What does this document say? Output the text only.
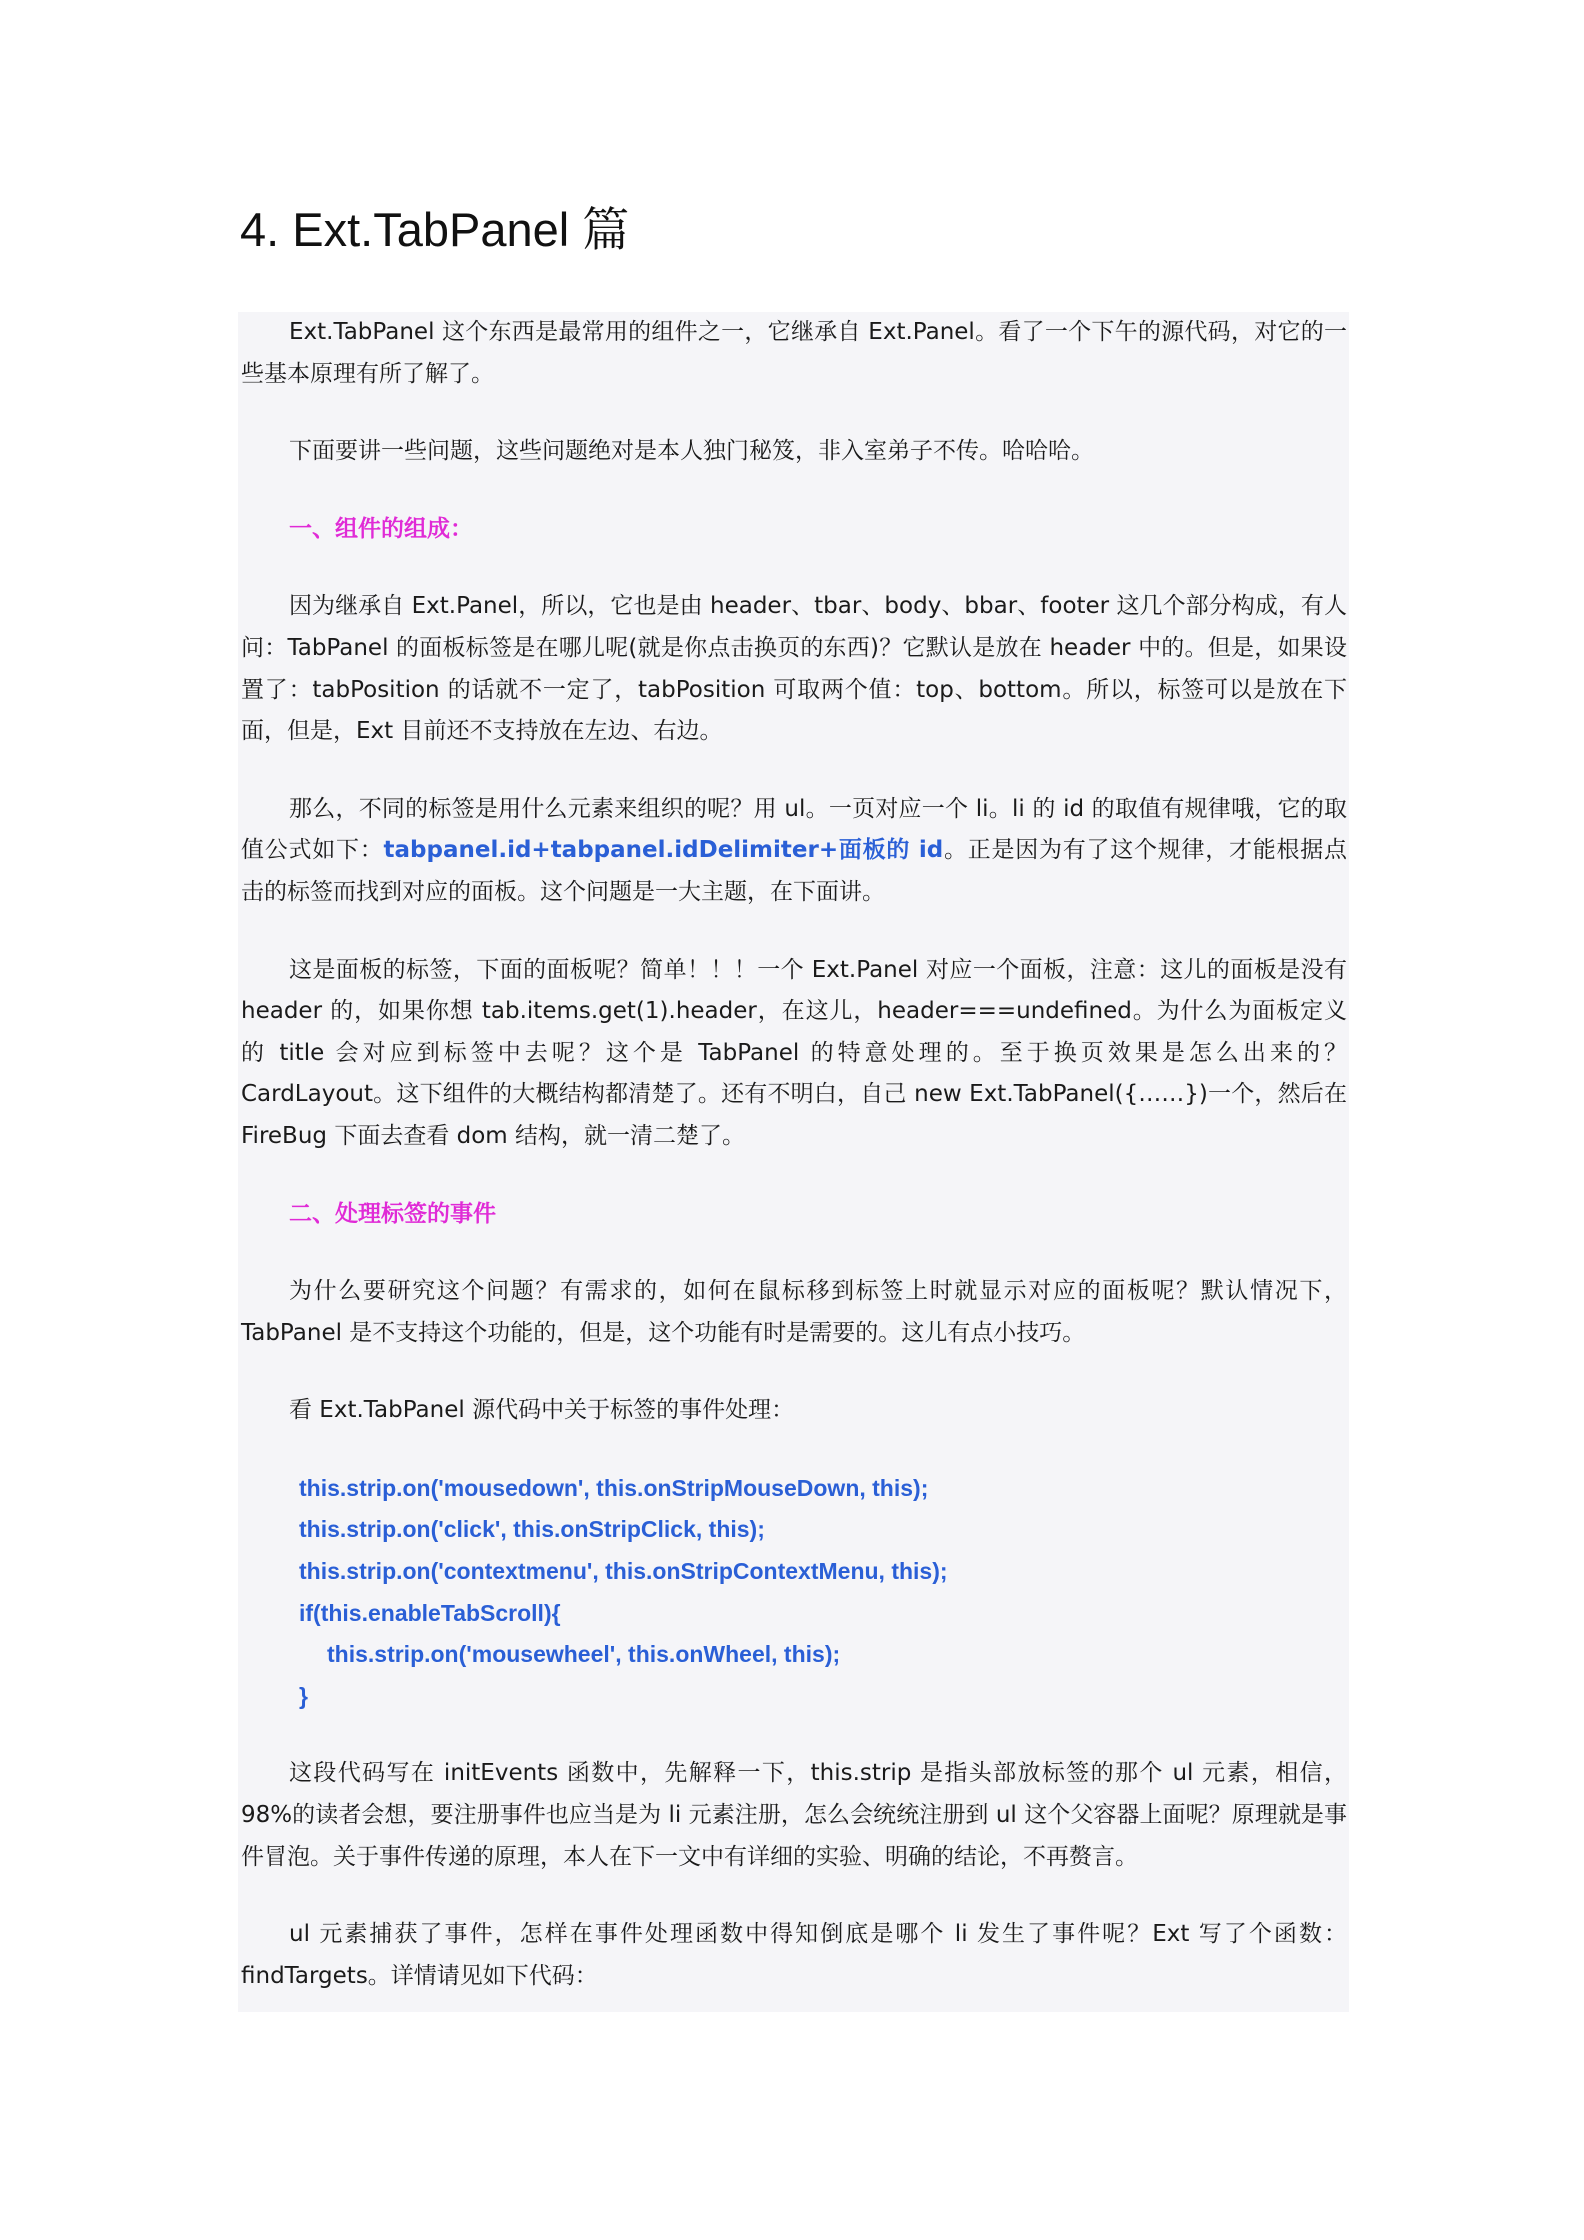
4. Ext.TabPanel 篇

Ext.TabPanel 这个东西是最常用的组件之一，它继承自 Ext.Panel。看了一个下午的源代码，对它的一些基本原理有所了解了。

下面要讲一些问题，这些问题绝对是本人独门秘笈，非入室弟子不传。哈哈哈。

一、组件的组成：

因为继承自 Ext.Panel，所以，它也是由 header、tbar、body、bbar、footer 这几个部分构成，有人问：TabPanel 的面板标签是在哪儿呢(就是你点击换页的东西)？它默认是放在 header 中的。但是，如果设置了：tabPosition 的话就不一定了，tabPosition 可取两个值：top、bottom。所以，标签可以是放在下面，但是，Ext 目前还不支持放在左边、右边。

那么，不同的标签是用什么元素来组织的呢？用 ul。一页对应一个 li。li 的 id 的取值有规律哦，它的取值公式如下：tabpanel.id+tabpanel.idDelimiter+面板的 id。正是因为有了这个规律，才能根据点击的标签而找到对应的面板。这个问题是一大主题，在下面讲。

这是面板的标签，下面的面板呢？简单！！！一个 Ext.Panel 对应一个面板，注意：这儿的面板是没有 header 的，如果你想 tab.items.get(1).header，在这儿，header===undefined。为什么为面板定义的 title 会对应到标签中去呢？这个是 TabPanel 的特意处理的。至于换页效果是怎么出来的？CardLayout。这下组件的大概结构都清楚了。还有不明白，自己 new Ext.TabPanel({……})一个，然后在 FireBug 下面去查看 dom 结构，就一清二楚了。

二、处理标签的事件

为什么要研究这个问题？有需求的，如何在鼠标移到标签上时就显示对应的面板呢？默认情况下，TabPanel 是不支持这个功能的，但是，这个功能有时是需要的。这儿有点小技巧。

看 Ext.TabPanel 源代码中关于标签的事件处理：

this.strip.on('mousedown', this.onStripMouseDown, this);
this.strip.on('click', this.onStripClick, this);
this.strip.on('contextmenu', this.onStripContextMenu, this);
if(this.enableTabScroll){
this.strip.on('mousewheel', this.onWheel, this);
}

这段代码写在 initEvents 函数中，先解释一下，this.strip 是指头部放标签的那个 ul 元素，相信，98%的读者会想，要注册事件也应当是为 li 元素注册，怎么会统统注册到 ul 这个父容器上面呢？原理就是事件冒泡。关于事件传递的原理，本人在下一文中有详细的实验、明确的结论，不再赘言。

ul 元素捕获了事件，怎样在事件处理函数中得知倒底是哪个 li 发生了事件呢？Ext 写了个函数：findTargets。详情请见如下代码：
